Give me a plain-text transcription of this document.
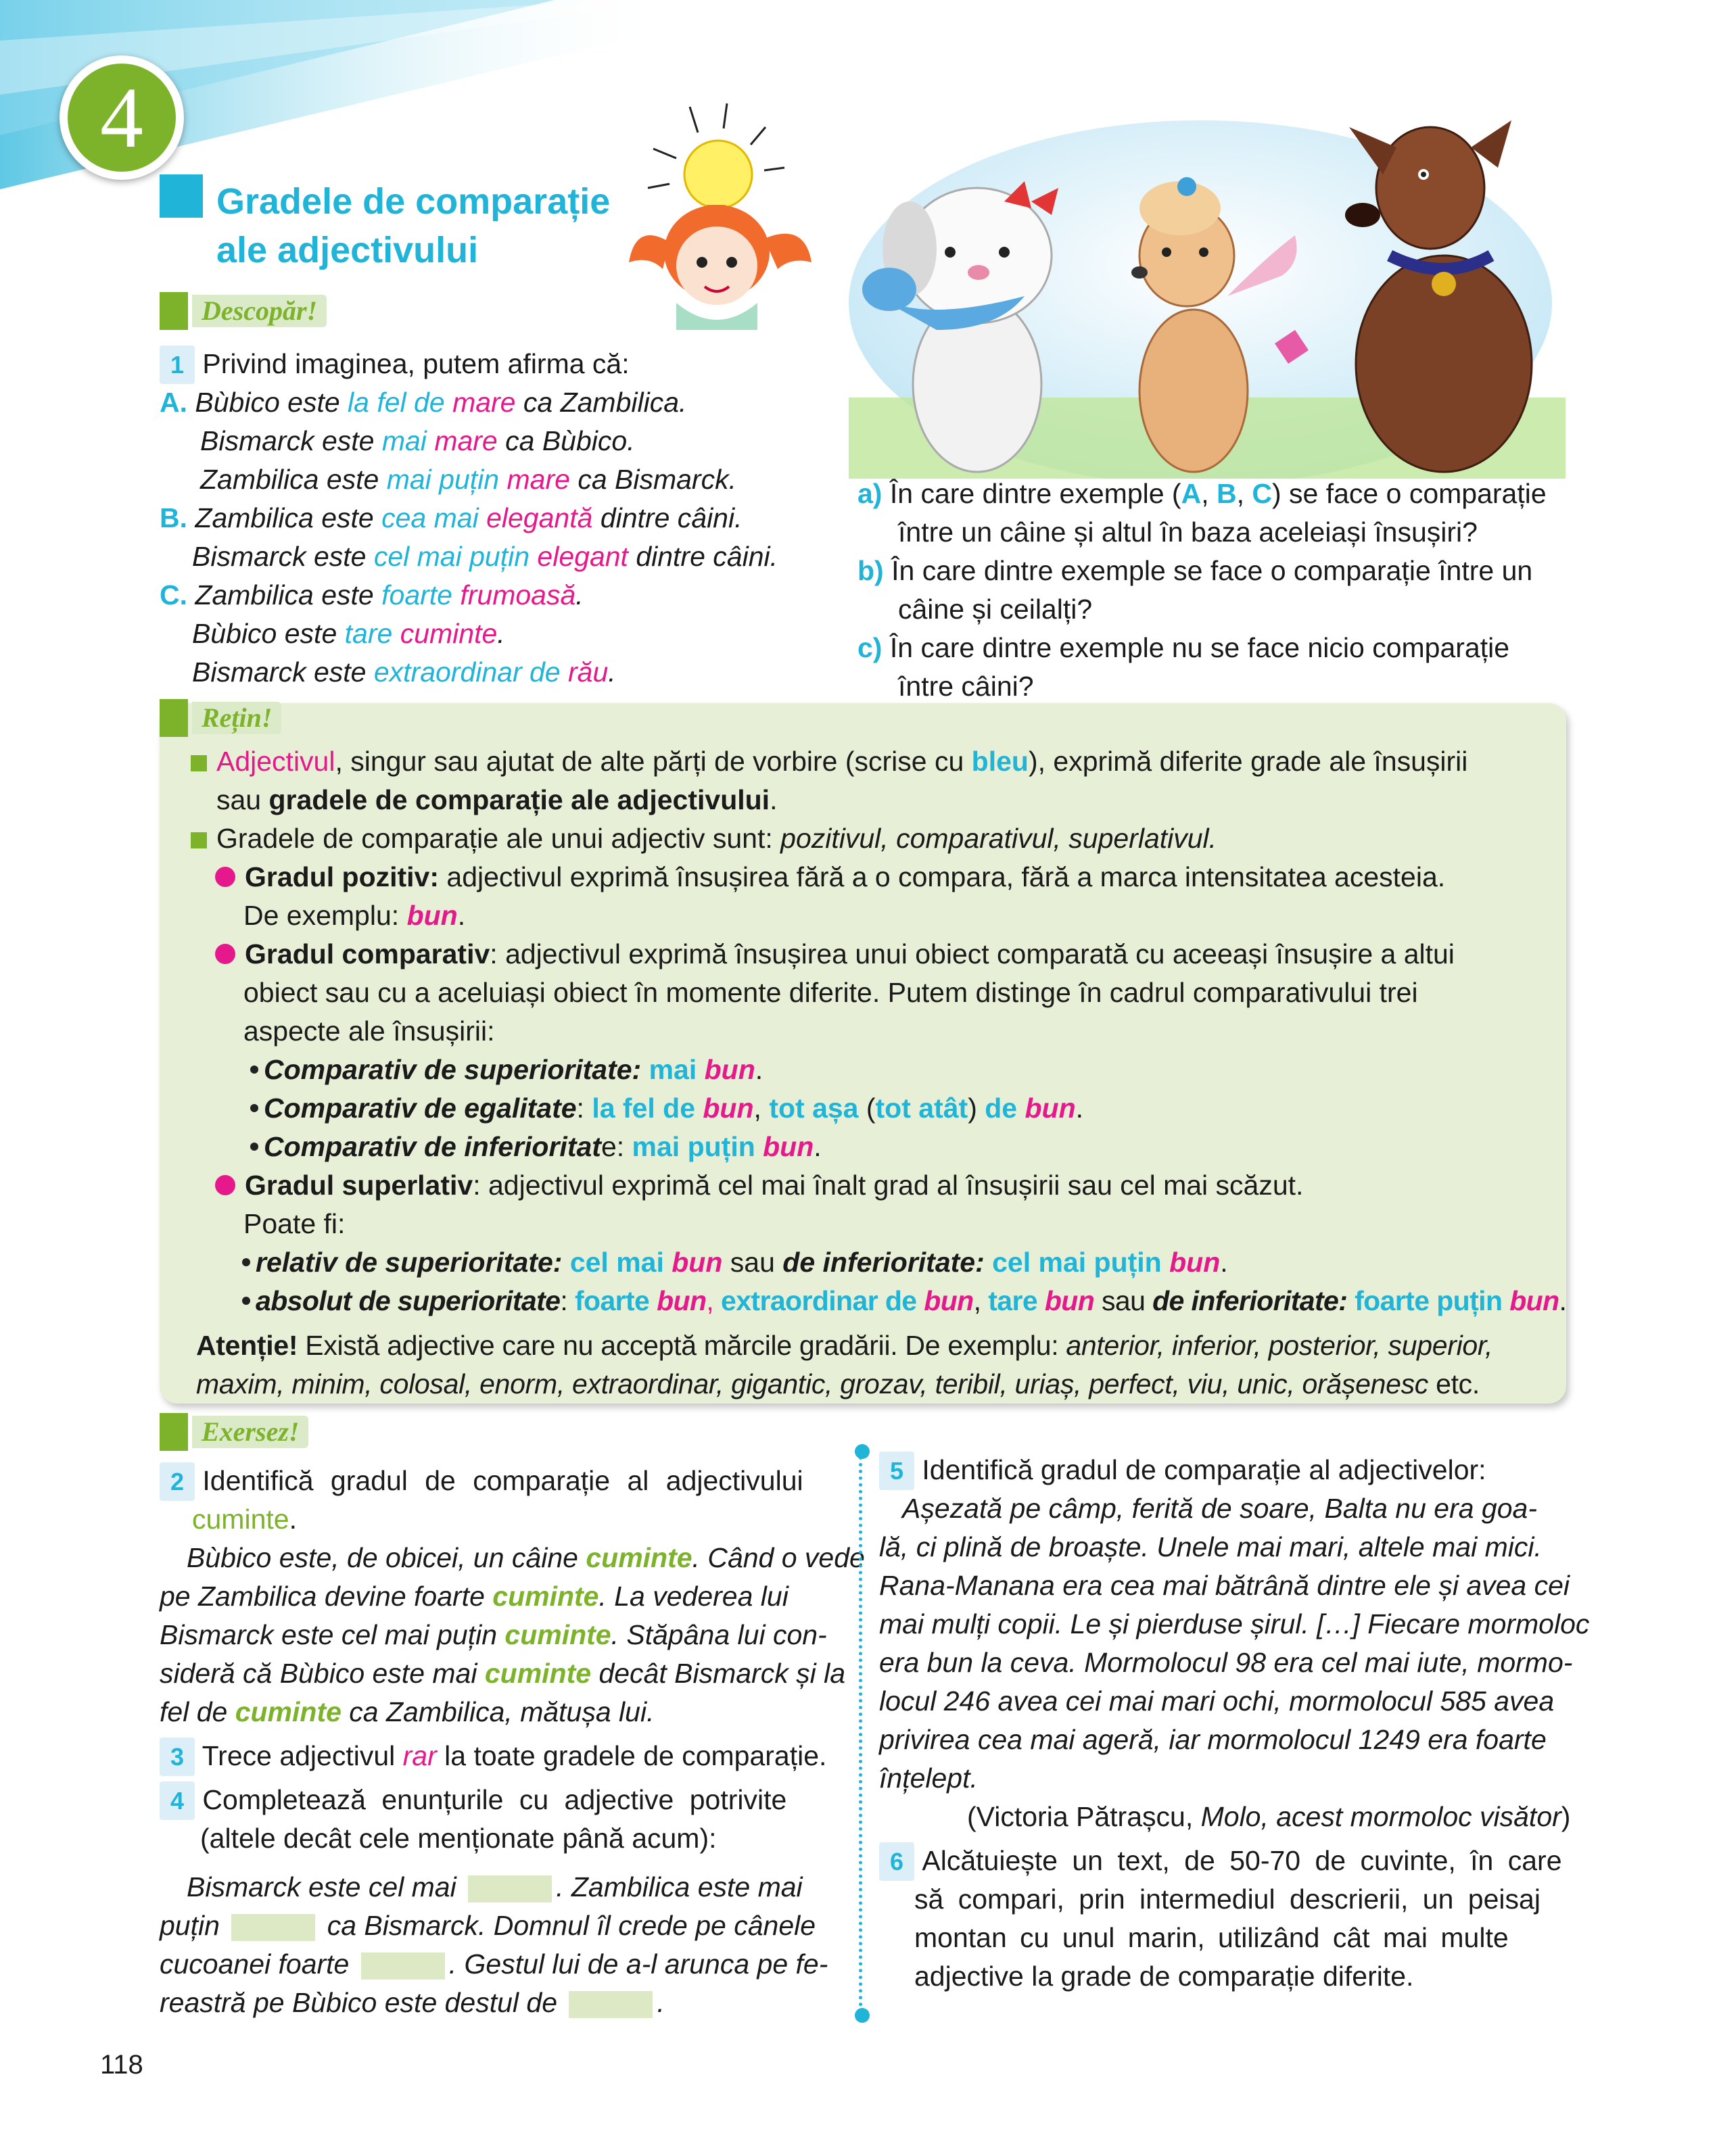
4
Gradele de comparație
ale adjectivului
Descopăr!
1 Privind imaginea, putem afirma că:
A. Bùbico este la fel de mare ca Zambilica.
Bismarck este mai mare ca Bùbico.
Zambilica este mai puțin mare ca Bismarck.
B. Zambilica este cea mai elegantă dintre câini.
Bismarck este cel mai puțin elegant dintre câini.
C. Zambilica este foarte frumoasă.
Bùbico este tare cuminte.
Bismarck este extraordinar de rău.
a) În care dintre exemple (A, B, C) se face o comparație
între un câine și altul în baza aceleiași însușiri?
b) În care dintre exemple se face o comparație între un
câine și ceilalți?
c) În care dintre exemple nu se face nicio comparație
între câini?
Rețin!
Adjectivul, singur sau ajutat de alte părți de vorbire (scrise cu bleu), exprimă diferite grade ale însușirii
sau gradele de comparație ale adjectivului.
Gradele de comparație ale unui adjectiv sunt: pozitivul, comparativul, superlativul.
Gradul pozitiv: adjectivul exprimă însușirea fără a o compara, fără a marca intensitatea acesteia.
De exemplu: bun.
Gradul comparativ: adjectivul exprimă însușirea unui obiect comparată cu aceeași însușire a altui
obiect sau cu a aceluiași obiect în momente diferite. Putem distinge în cadrul comparativului trei
aspecte ale însușirii:
Comparativ de superioritate: mai bun.
Comparativ de egalitate: la fel de bun, tot așa (tot atât) de bun.
Comparativ de inferioritate: mai puțin bun.
Gradul superlativ: adjectivul exprimă cel mai înalt grad al însușirii sau cel mai scăzut.
Poate fi:
relativ de superioritate: cel mai bun sau de inferioritate: cel mai puțin bun.
absolut de superioritate: foarte bun, extraordinar de bun, tare bun sau de inferioritate: foarte puțin bun.
Atenție! Există adjective care nu acceptă mărcile gradării. De exemplu: anterior, inferior, posterior, superior,
maxim, minim, colosal, enorm, extraordinar, gigantic, grozav, teribil, uriaș, perfect, viu, unic, orășenesc etc.
Exersez!
2 Identifică gradul de comparație al adjectivului
cuminte.
Bùbico este, de obicei, un câine cuminte. Când o vede
pe Zambilica devine foarte cuminte. La vederea lui
Bismarck este cel mai puțin cuminte. Stăpâna lui con-
sideră că Bùbico este mai cuminte decât Bismarck și la
fel de cuminte ca Zambilica, mătușa lui.
3 Trece adjectivul rar la toate gradele de comparație.
4 Completează enunțurile cu adjective potrivite
(altele decât cele menționate până acum):
Bismarck este cel mai	. Zambilica este mai
puțin	ca Bismarck. Domnul îl crede pe cânele
cucoanei foarte	. Gestul lui de a-l arunca pe fe-
reastră pe Bùbico este destul de	.
5 Identifică gradul de comparație al adjectivelor:
Așezată pe câmp, ferită de soare, Balta nu era goa-
lă, ci plină de broaște. Unele mai mari, altele mai mici.
Rana-Manana era cea mai bătrână dintre ele și avea cei
mai mulți copii. Le și pierduse șirul. […] Fiecare mormoloc
era bun la ceva. Mormolocul 98 era cel mai iute, mormo-
locul 246 avea cei mai mari ochi, mormolocul 585 avea
privirea cea mai ageră, iar mormolocul 1249 era foarte
înțelept.
(Victoria Pătrașcu, Molo, acest mormoloc visător)
6 Alcătuiește un text, de 50-70 de cuvinte, în care
să compari, prin intermediul descrierii, un peisaj
montan cu unul marin, utilizând cât mai multe
adjective la grade de comparație diferite.
118
